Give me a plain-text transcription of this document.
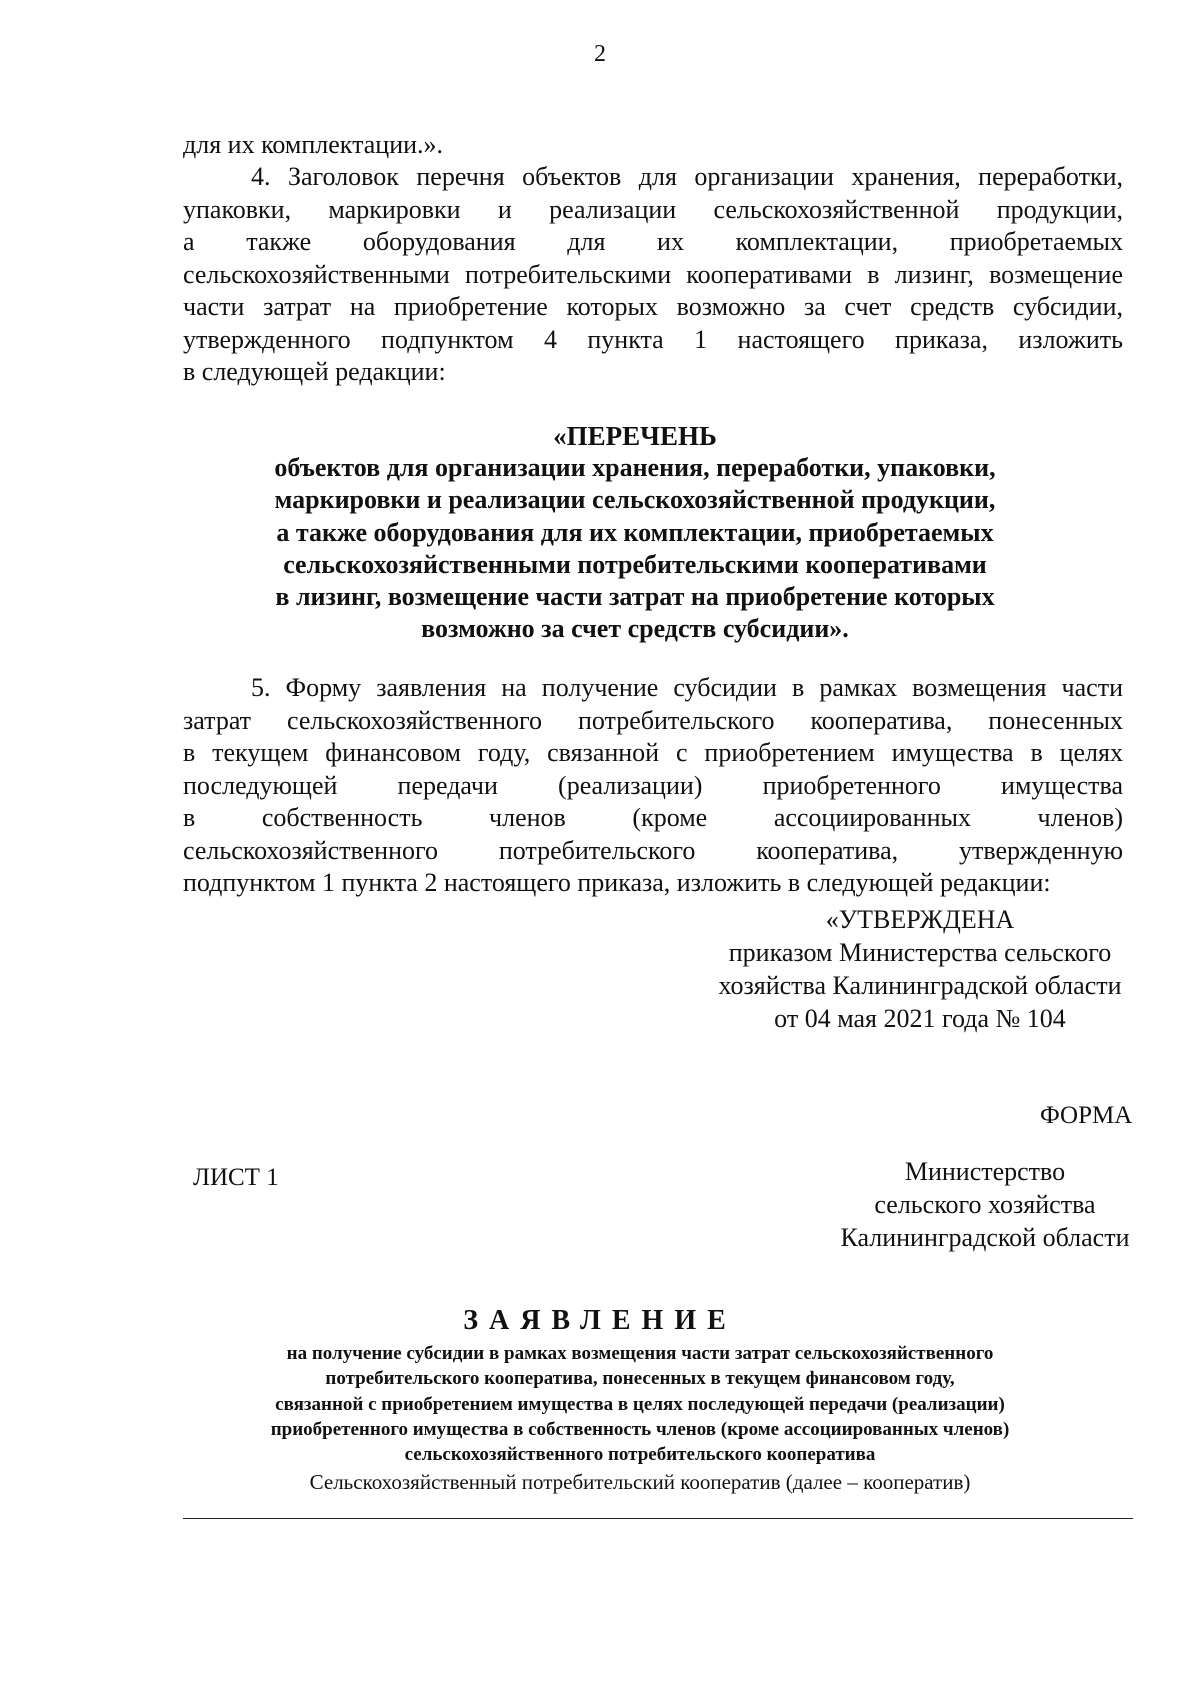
2
для их комплектации.».
4. Заголовок перечня объектов для организации хранения, переработки,
упаковки, маркировки и реализации сельскохозяйственной продукции,
а также оборудования для их комплектации, приобретаемых
сельскохозяйственными потребительскими кооперативами в лизинг, возмещение
части затрат на приобретение которых возможно за счет средств субсидии,
утвержденного подпунктом 4 пункта 1 настоящего приказа, изложить
в следующей редакции:
«ПЕРЕЧЕНЬ
объектов для организации хранения, переработки, упаковки,
маркировки и реализации сельскохозяйственной продукции,
а также оборудования для их комплектации, приобретаемых
сельскохозяйственными потребительскими кооперативами
в лизинг, возмещение части затрат на приобретение которых
возможно за счет средств субсидии».
5. Форму заявления на получение субсидии в рамках возмещения части
затрат сельскохозяйственного потребительского кооператива, понесенных
в текущем финансовом году, связанной с приобретением имущества в целях
последующей передачи (реализации) приобретенного имущества
в собственность членов (кроме ассоциированных членов)
сельскохозяйственного потребительского кооператива, утвержденную
подпунктом 1 пункта 2 настоящего приказа, изложить в следующей редакции:
«УТВЕРЖДЕНА
приказом Министерства сельского
хозяйства Калининградской области
от 04 мая 2021 года № 104
ФОРМА
ЛИСТ 1	Министерство
сельского хозяйства
Калининградской области
ЗАЯВЛЕНИЕ
на получение субсидии в рамках возмещения части затрат сельскохозяйственного
потребительского кооператива, понесенных в текущем финансовом году,
связанной с приобретением имущества в целях последующей передачи (реализации)
приобретенного имущества в собственность членов (кроме ассоциированных членов)
сельскохозяйственного потребительского кооператива
Сельскохозяйственный потребительский кооператив (далее – кооператив)
